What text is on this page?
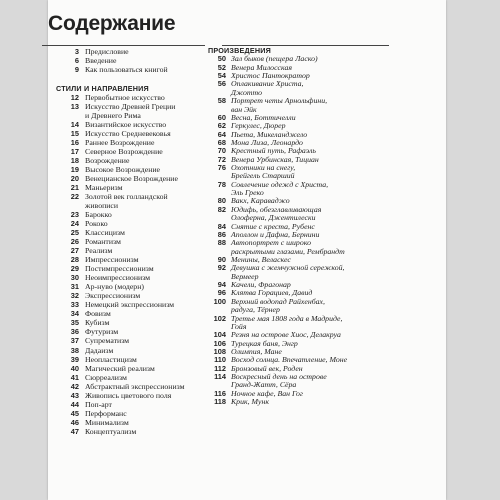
Содержание
3 Предисловие
6 Введение
9 Как пользоваться книгой
СТИЛИ И НАПРАВЛЕНИЯ
12 Первобытное искусство
13 Искусство Древней Греции
и Древнего Рима
14 Византийское искусство
15 Искусство Средневековья
16 Раннее Возрождение
17 Северное Возрождение
18 Возрождение
19 Высокое Возрождение
20 Венецианское Возрождение
21 Маньеризм
22 Золотой век голландской
живописи
23 Барокко
24 Рококо
25 Классицизм
26 Романтизм
27 Реализм
28 Импрессионизм
29 Постимпрессионизм
30 Неоимпрессионизм
31 Ар-нуво (модерн)
32 Экспрессионизм
33 Немецкий экспрессионизм
34 Фовизм
35 Кубизм
36 Футуризм
37 Супрематизм
38 Дадаизм
39 Неопластицизм
40 Магический реализм
41 Сюрреализм
42 Абстрактный экспрессионизм
43 Живопись цветового поля
44 Поп-арт
45 Перформанс
46 Минимализм
47 Концептуализм
ПРОИЗВЕДЕНИЯ
50 Зал быков (пещера Ласко)
52 Венера Милосская
54 Христос Пантократор
56 Оплакивание Христа,
Джотто
58 Портрет четы Арнольфини,
ван Эйк
60 Весна, Боттичелли
62 Геркулес, Дюрер
64 Пьета, Микеланджело
68 Мона Лиза, Леонардо
70 Крестный путь, Рафаэль
72 Венера Урбинская, Тициан
76 Охотники на снегу,
Брейгель Старший
78 Совлечение одежд с Христа,
Эль Греко
80 Вакх, Караваджо
82 Юдифь, обезглавливающая
Олоферна, Джентилески
84 Снятие с креста, Рубенс
86 Аполлон и Дафна, Бернини
88 Автопортрет с широко
раскрытыми глазами, Рембрандт
90 Менины, Веласкес
92 Девушка с жемчужной сережкой,
Вермеер
94 Качели, Фрагонар
96 Клятва Горациев, Давид
100 Верхний водопад Райхенбах,
радуга, Тёрнер
102 Третье мая 1808 года в Мадриде,
Гойя
104 Резня на острове Хиос, Делакруа
106 Турецкая баня, Энгр
108 Олимпия, Мане
110 Восход солнца. Впечатление, Моне
112 Бронзовый век, Роден
114 Воскресный день на острове
Гранд-Жатт, Сёра
116 Ночное кафе, Ван Гог
118 Крик, Мунк
